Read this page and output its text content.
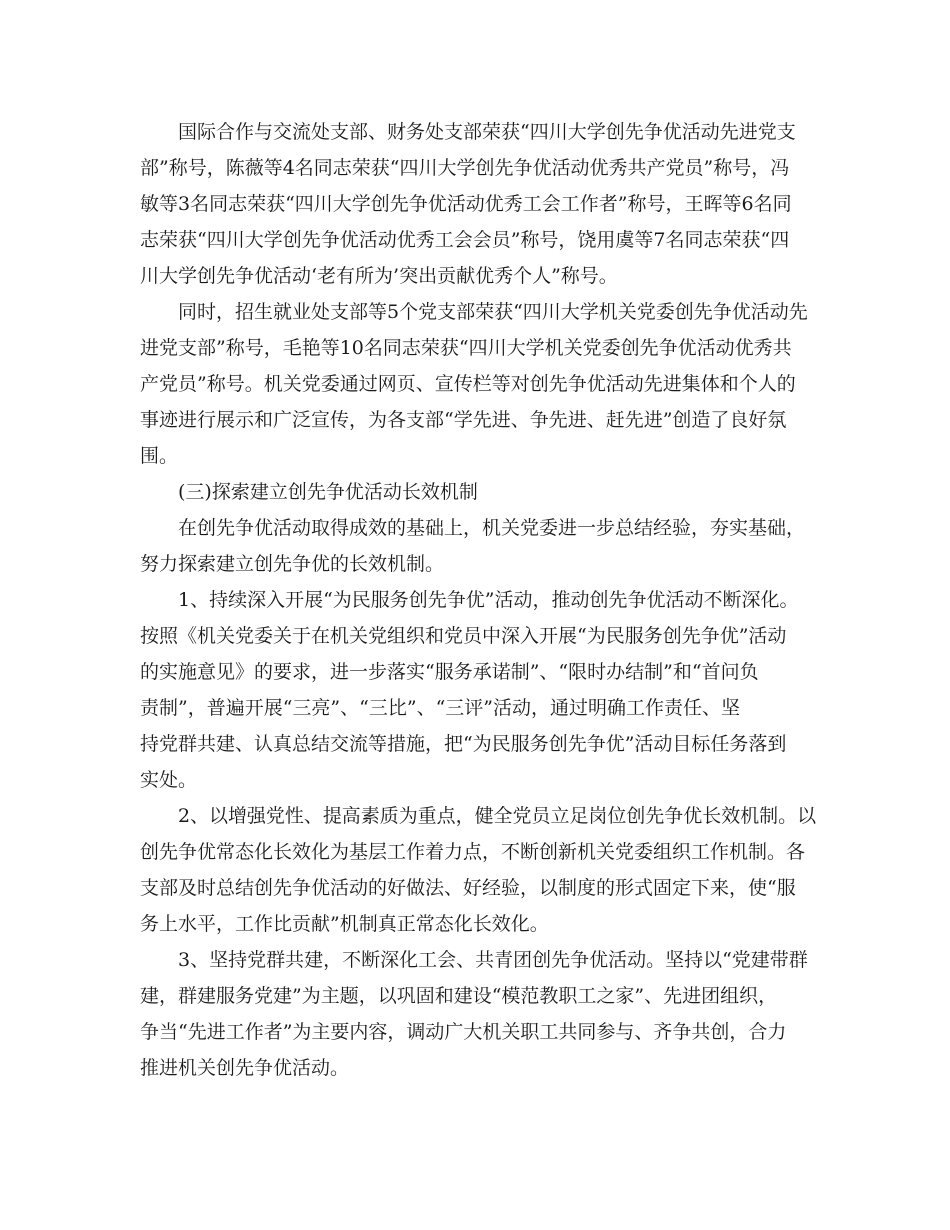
国际合作与交流处支部、财务处支部荣获“四川大学创先争优活动先进党支
部”称号，陈薇等4名同志荣获“四川大学创先争优活动优秀共产党员”称号，冯
敏等3名同志荣获“四川大学创先争优活动优秀工会工作者”称号，王晖等6名同
志荣获“四川大学创先争优活动优秀工会会员”称号，饶用虞等7名同志荣获“四
川大学创先争优活动‘老有所为’突出贡献优秀个人”称号。
同时，招生就业处支部等5个党支部荣获“四川大学机关党委创先争优活动先
进党支部”称号，毛艳等10名同志荣获“四川大学机关党委创先争优活动优秀共
产党员”称号。机关党委通过网页、宣传栏等对创先争优活动先进集体和个人的
事迹进行展示和广泛宣传，为各支部“学先进、争先进、赶先进”创造了良好氛
围。
(三)探索建立创先争优活动长效机制
在创先争优活动取得成效的基础上，机关党委进一步总结经验，夯实基础，
努力探索建立创先争优的长效机制。
1、持续深入开展“为民服务创先争优”活动，推动创先争优活动不断深化。
按照《机关党委关于在机关党组织和党员中深入开展“为民服务创先争优”活动
的实施意见》的要求，进一步落实“服务承诺制”、“限时办结制”和“首问负
责制”，普遍开展“三亮”、“三比”、“三评”活动，通过明确工作责任、坚
持党群共建、认真总结交流等措施，把“为民服务创先争优”活动目标任务落到
实处。
2、以增强党性、提高素质为重点，健全党员立足岗位创先争优长效机制。以
创先争优常态化长效化为基层工作着力点，不断创新机关党委组织工作机制。各
支部及时总结创先争优活动的好做法、好经验，以制度的形式固定下来，使“服
务上水平，工作比贡献”机制真正常态化长效化。
3、坚持党群共建，不断深化工会、共青团创先争优活动。坚持以“党建带群
建，群建服务党建”为主题，以巩固和建设“模范教职工之家”、先进团组织，
争当“先进工作者”为主要内容，调动广大机关职工共同参与、齐争共创，合力
推进机关创先争优活动。
